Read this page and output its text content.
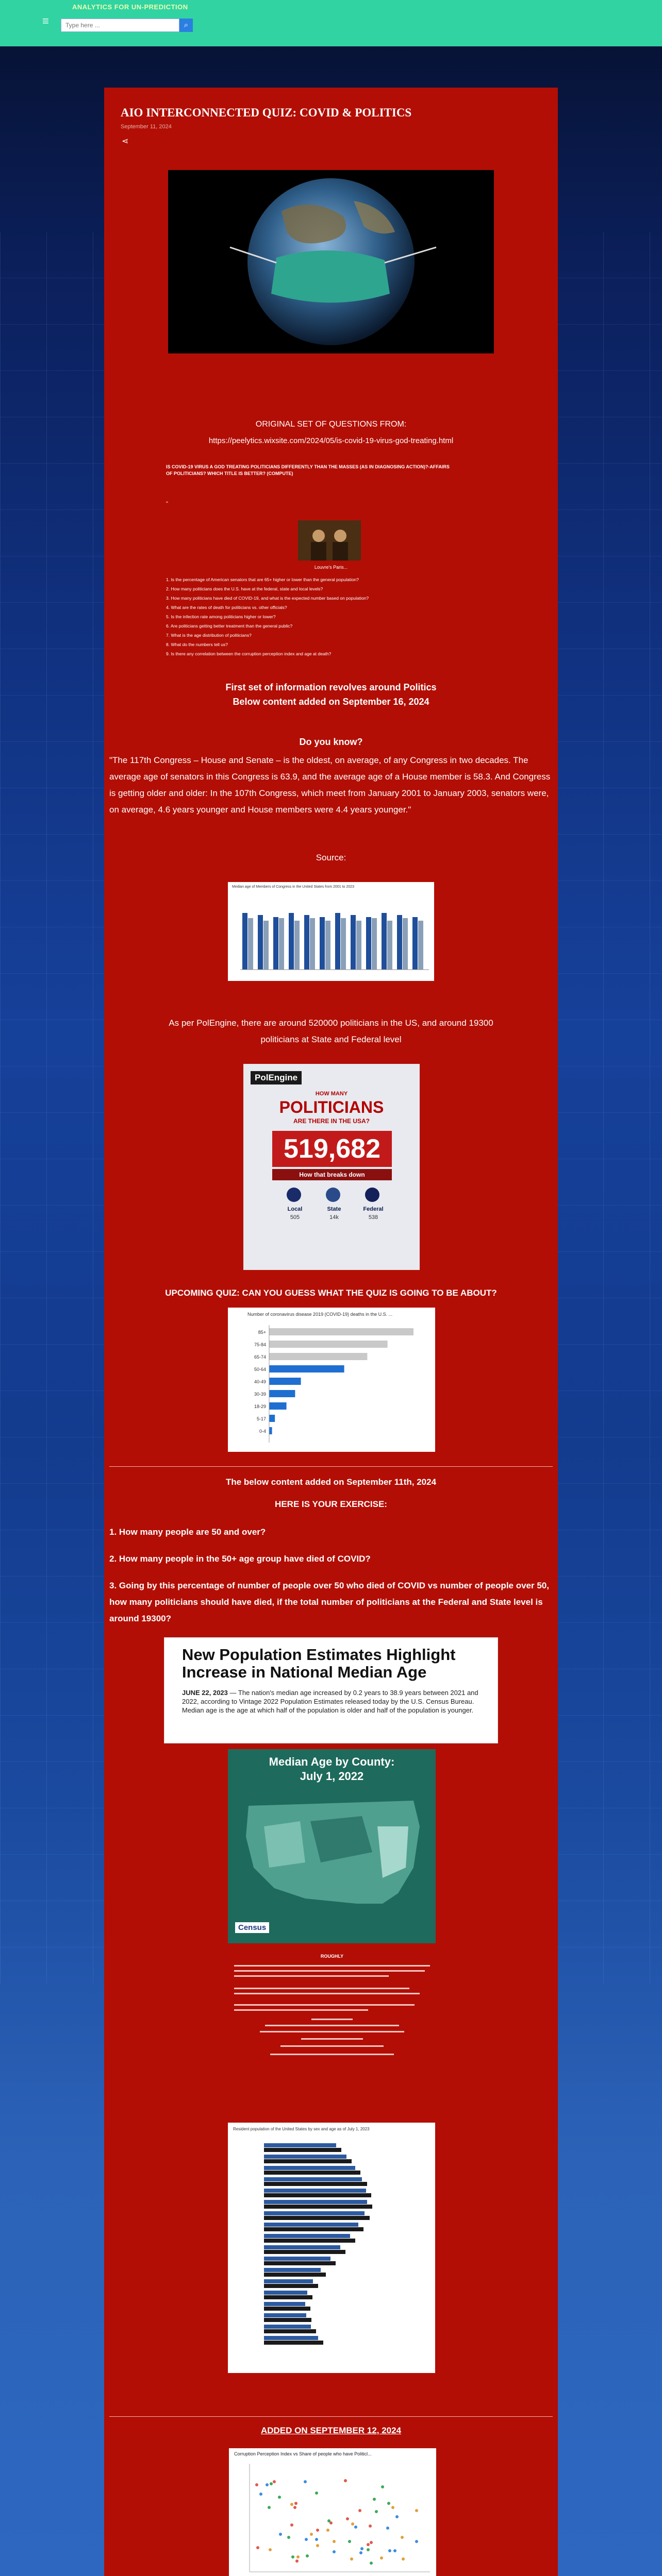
≡
ANALYTICS FOR UN-PREDICTION
Type here ...
⌕
AIO INTERCONNECTED QUIZ: COVID & POLITICS
September 11, 2024
⋖
ORIGINAL SET OF QUESTIONS FROM:
https://peelytics.wixsite.com/2024/05/is-covid-19-virus-god-treating.html
IS COVID-19 VIRUS A GOD TREATING POLITICIANS DIFFERENTLY THAN THE MASSES (AS IN DIAGNOSING ACTION)?-AFFAIRS OF POLITICIANS? WHICH TITLE IS BETTER? (COMPUTE)
"
Louvre's Paris...
1. Is the percentage of American senators that are 65+ higher or lower than the general population?
2. How many politicians does the U.S. have at the federal, state and local levels?
3. How many politicians have died of COVID-19, and what is the expected number based on population?
4. What are the rates of death for politicians vs. other officials?
5. Is the infection rate among politicians higher or lower?
6. Are politicians getting better treatment than the general public?
7. What is the age distribution of politicians?
8. What do the numbers tell us?
9. Is there any correlation between the corruption perception index and age at death?
First set of information revolves around Politics
Below content added on September 16, 2024
Do you know?
"The 117th Congress – House and Senate – is the oldest, on average, of any Congress in two decades. The average age of senators in this Congress is 63.9, and the average age of a House member is 58.3. And Congress is getting older and older: In the 107th Congress, which meet from January 2001 to January 2003, senators were, on average, 4.6 years younger and House members were 4.4 years younger."
Source:
Median age of Members of Congress in the United States from 2001 to 2023
As per PolEngine, there are around 520000 politicians in the US, and around 19300 politicians at State and Federal level
PolEngine
HOW MANY
POLITICIANS
ARE THERE IN THE USA?
519,682
How that breaks down
Local	State	Federal
505	14k	538
UPCOMING QUIZ: CAN YOU GUESS WHAT THE QUIZ IS GOING TO BE ABOUT?
Number of coronavirus disease 2019 (COVID-19) deaths in the U.S. ...
85+
75-84
65-74
50-64
40-49
30-39
18-29
5-17
0-4
The below content added on September 11th, 2024
HERE IS YOUR EXERCISE:
1. How many people are 50 and over?
2. How many people in the 50+ age group have died of COVID?
3. Going by this percentage of number of people over 50 who died of COVID vs number of people over 50, how many politicians should have died, if the total number of politicians at the Federal and State level is around 19300?
New Population Estimates Highlight Increase in National Median Age
JUNE 22, 2023 — The nation's median age increased by 0.2 years to 38.9 years between 2021 and 2022, according to Vintage 2022 Population Estimates released today by the U.S. Census Bureau. Median age is the age at which half of the population is older and half of the population is younger.
Median Age by County:
July 1, 2022
Census
ROUGHLY
Resident population of the United States by sex and age as of July 1, 2023
ADDED ON SEPTEMBER 12, 2024
Corruption Perception Index vs Share of people who have Politicl...
